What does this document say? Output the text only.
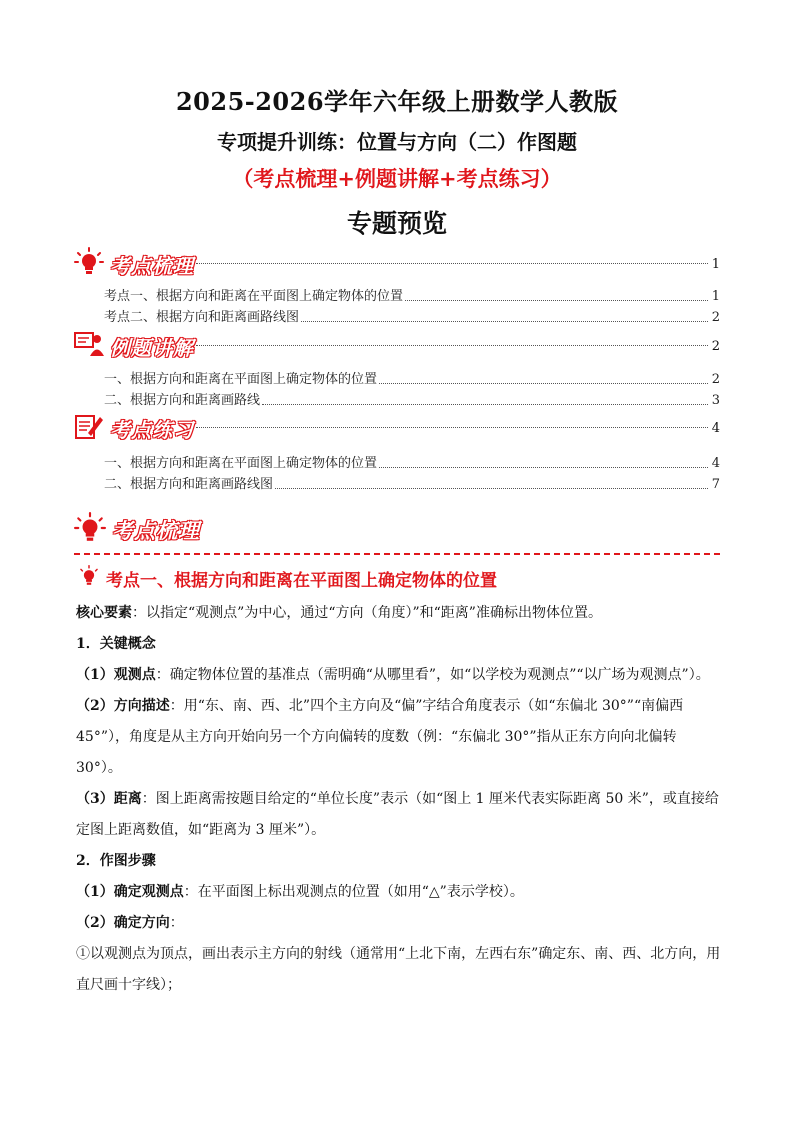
2025-2026学年六年级上册数学人教版
专项提升训练：位置与方向（二）作图题
（考点梳理+例题讲解+考点练习）
专题预览
考点梳理	1
考点一、根据方向和距离在平面图上确定物体的位置	1
考点二、根据方向和距离画路线图	2
例题讲解	2
一、根据方向和距离在平面图上确定物体的位置	2
二、根据方向和距离画路线	3
考点练习	4
一、根据方向和距离在平面图上确定物体的位置	4
二、根据方向和距离画路线图	7
考点梳理
考点一、根据方向和距离在平面图上确定物体的位置

核心要素：以指定“观测点”为中心，通过“方向（角度）”和“距离”准确标出物体位置。

1．关键概念

（1）观测点：确定物体位置的基准点（需明确“从哪里看”，如“以学校为观测点”“以广场为观测点”）。

（2）方向描述：用“东、南、西、北”四个主方向及“偏”字结合角度表示（如“东偏北 30°”“南偏西 45°”），角度是从主方向开始向另一个方向偏转的度数（例：“东偏北 30°”指从正东方向向北偏转 30°）。

（3）距离：图上距离需按题目给定的“单位长度”表示（如“图上 1 厘米代表实际距离 50 米”，或直接给定图上距离数值，如“距离为 3 厘米”）。

2．作图步骤

（1）确定观测点：在平面图上标出观测点的位置（如用“△”表示学校）。

（2）确定方向：

①以观测点为顶点，画出表示主方向的射线（通常用“上北下南，左西右东”确定东、南、西、北方向，用直尺画十字线）；
